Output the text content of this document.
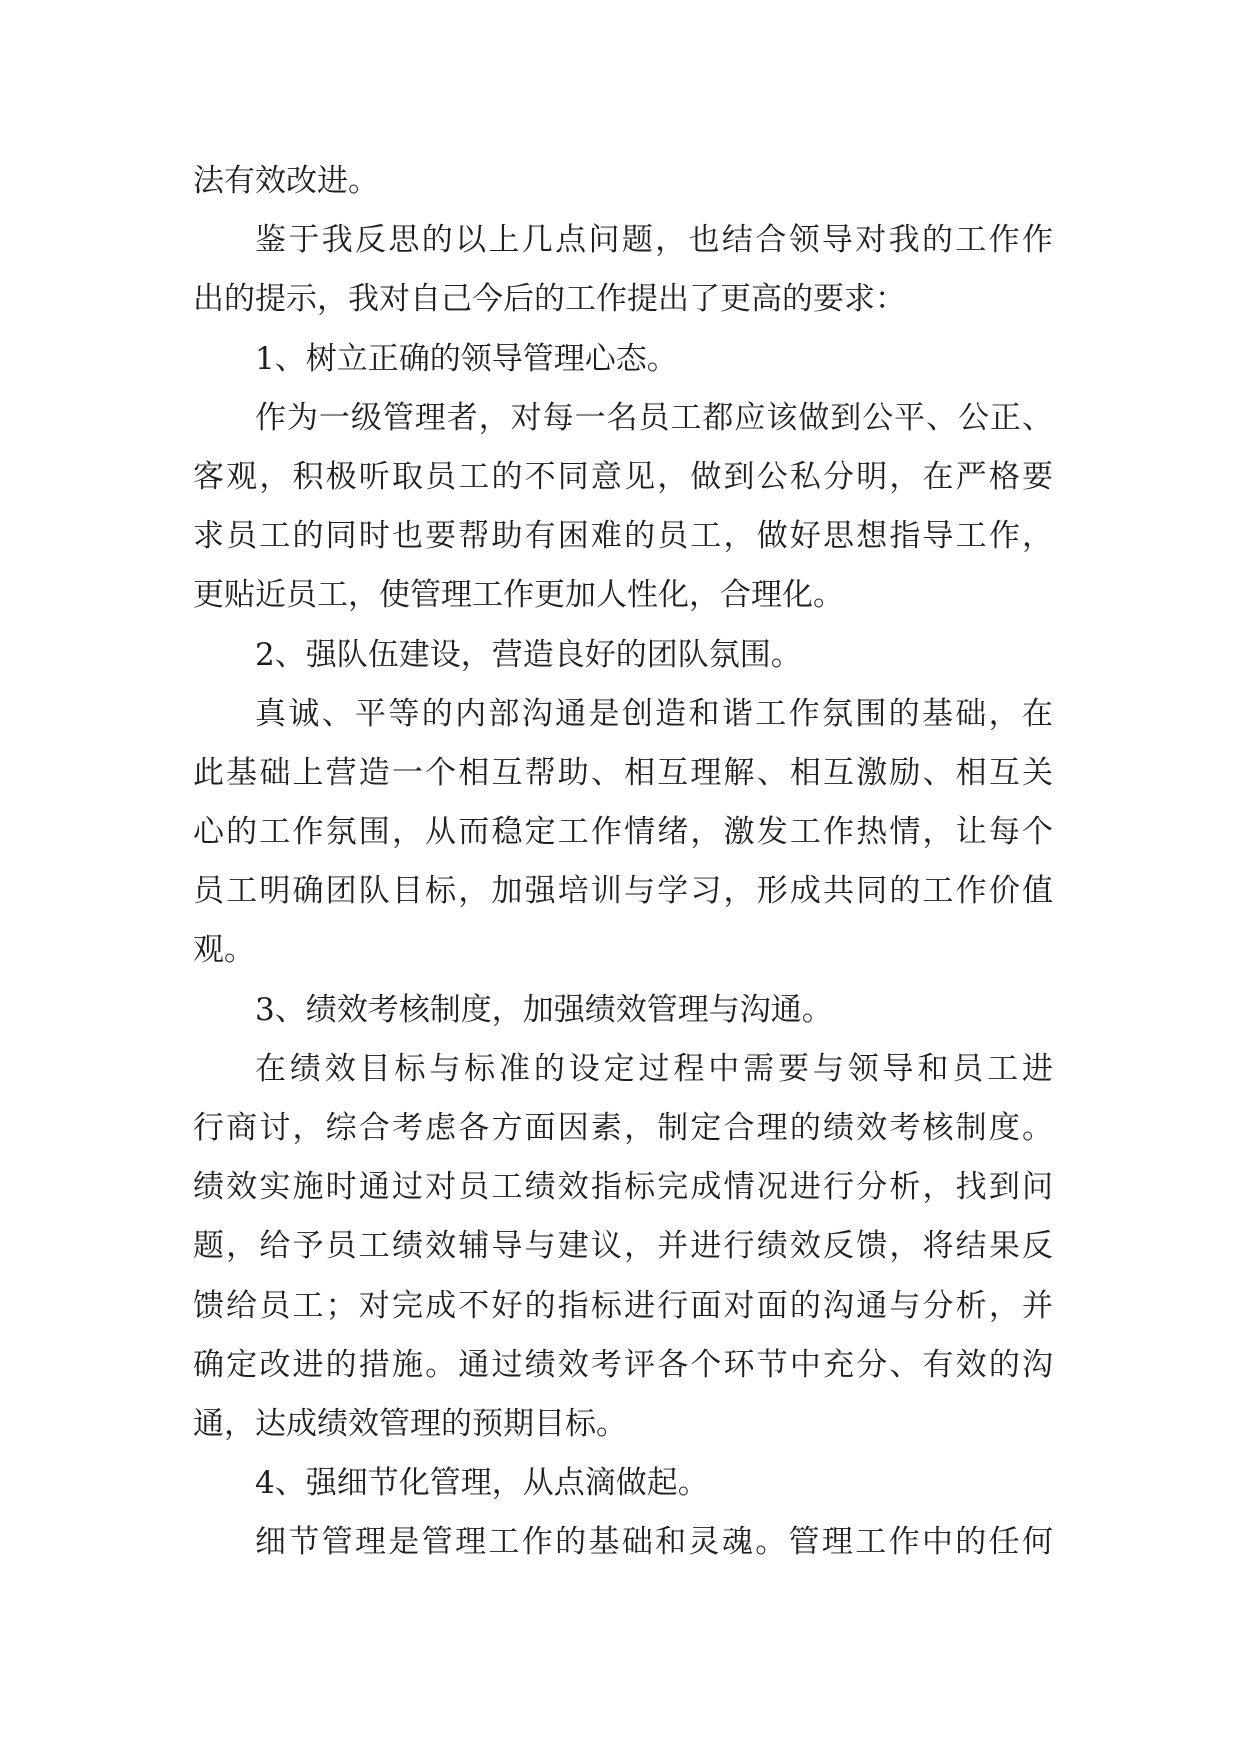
法有效改进。
鉴于我反思的以上几点问题，也结合领导对我的工作作
出的提示，我对自己今后的工作提出了更高的要求：
1、树立正确的领导管理心态。
作为一级管理者，对每一名员工都应该做到公平、公正、
客观，积极听取员工的不同意见，做到公私分明，在严格要
求员工的同时也要帮助有困难的员工，做好思想指导工作，
更贴近员工，使管理工作更加人性化，合理化。
2、强队伍建设，营造良好的团队氛围。
真诚、平等的内部沟通是创造和谐工作氛围的基础，在
此基础上营造一个相互帮助、相互理解、相互激励、相互关
心的工作氛围，从而稳定工作情绪，激发工作热情，让每个
员工明确团队目标，加强培训与学习，形成共同的工作价值
观。
3、绩效考核制度，加强绩效管理与沟通。
在绩效目标与标准的设定过程中需要与领导和员工进
行商讨，综合考虑各方面因素，制定合理的绩效考核制度。
绩效实施时通过对员工绩效指标完成情况进行分析，找到问
题，给予员工绩效辅导与建议，并进行绩效反馈，将结果反
馈给员工；对完成不好的指标进行面对面的沟通与分析，并
确定改进的措施。通过绩效考评各个环节中充分、有效的沟
通，达成绩效管理的预期目标。
4、强细节化管理，从点滴做起。
细节管理是管理工作的基础和灵魂。管理工作中的任何
